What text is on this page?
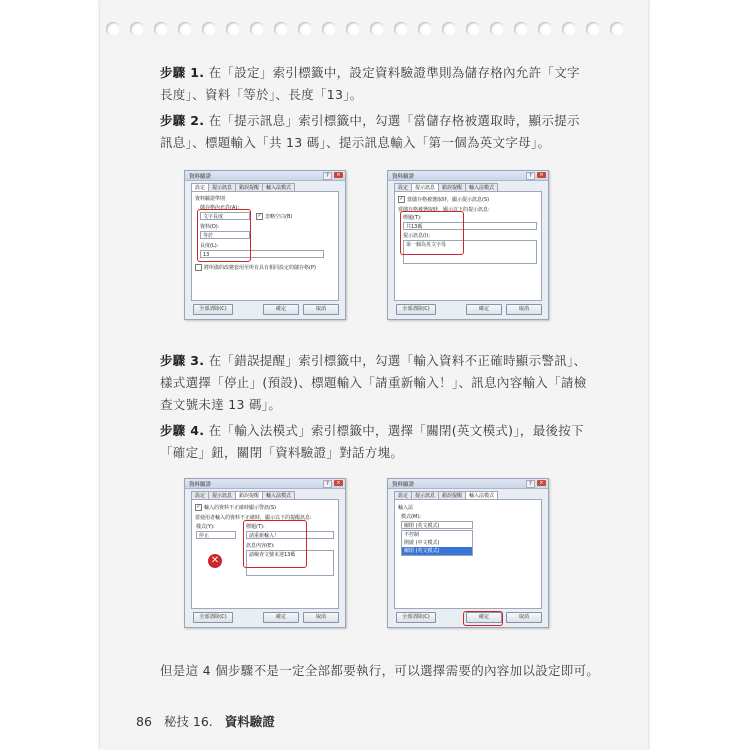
步驟 1. 在「設定」索引標籤中，設定資料驗證準則為儲存格內允許「文字長度」、資料「等於」、長度「13」。
步驟 2. 在「提示訊息」索引標籤中，勾選「當儲存格被選取時，顯示提示訊息」、標題輸入「共 13 碼」、提示訊息輸入「第一個為英文字母」。
資料驗證	?	×
設定 提示訊息 錯誤提醒 輸入法模式
資料驗證準則
儲存格內允許(A):
文字長度	✓ 忽略空白(B)
資料(D):
等於
長度(L):
13
將所做的改變套用至所有具有相同設定的儲存格(P)
全部清除(C)	確定	取消
資料驗證	?	×
設定 提示訊息 錯誤提醒 輸入法模式
✓ 當儲存格被選取時，顯示提示訊息(S)
當儲存格被選取時，顯示以下的提示訊息:
標題(T):
共13碼
提示訊息(I):
第一個為英文字母
全部清除(C)	確定	取消
步驟 3. 在「錯誤提醒」索引標籤中，勾選「輸入資料不正確時顯示警訊」、樣式選擇「停止」(預設)、標題輸入「請重新輸入！」、訊息內容輸入「請檢查文號未達 13 碼」。
步驟 4. 在「輸入法模式」索引標籤中，選擇「關閉(英文模式)」，最後按下「確定」鈕，關閉「資料驗證」對話方塊。
資料驗證	?	×
設定 提示訊息 錯誤提醒 輸入法模式
✓ 輸入的資料不正確時顯示警訊(S)
當使用者輸入的資料不正確時，顯示以下的提醒訊息:
樣式(Y):
停止
✕
標題(T):
請重新輸入！
訊息內容(E):
請檢查文號未達13碼
全部清除(C)	確定	取消
資料驗證	?	×
設定 提示訊息 錯誤提醒 輸入法模式
輸入法
模式(M):
關閉 (英文模式)
不控制
開啟 (中文模式)
關閉 (英文模式)
全部清除(C)	確定	取消
但是這 4 個步驟不是一定全部都要執行，可以選擇需要的內容加以設定即可。
86 秘技 16. 資料驗證
